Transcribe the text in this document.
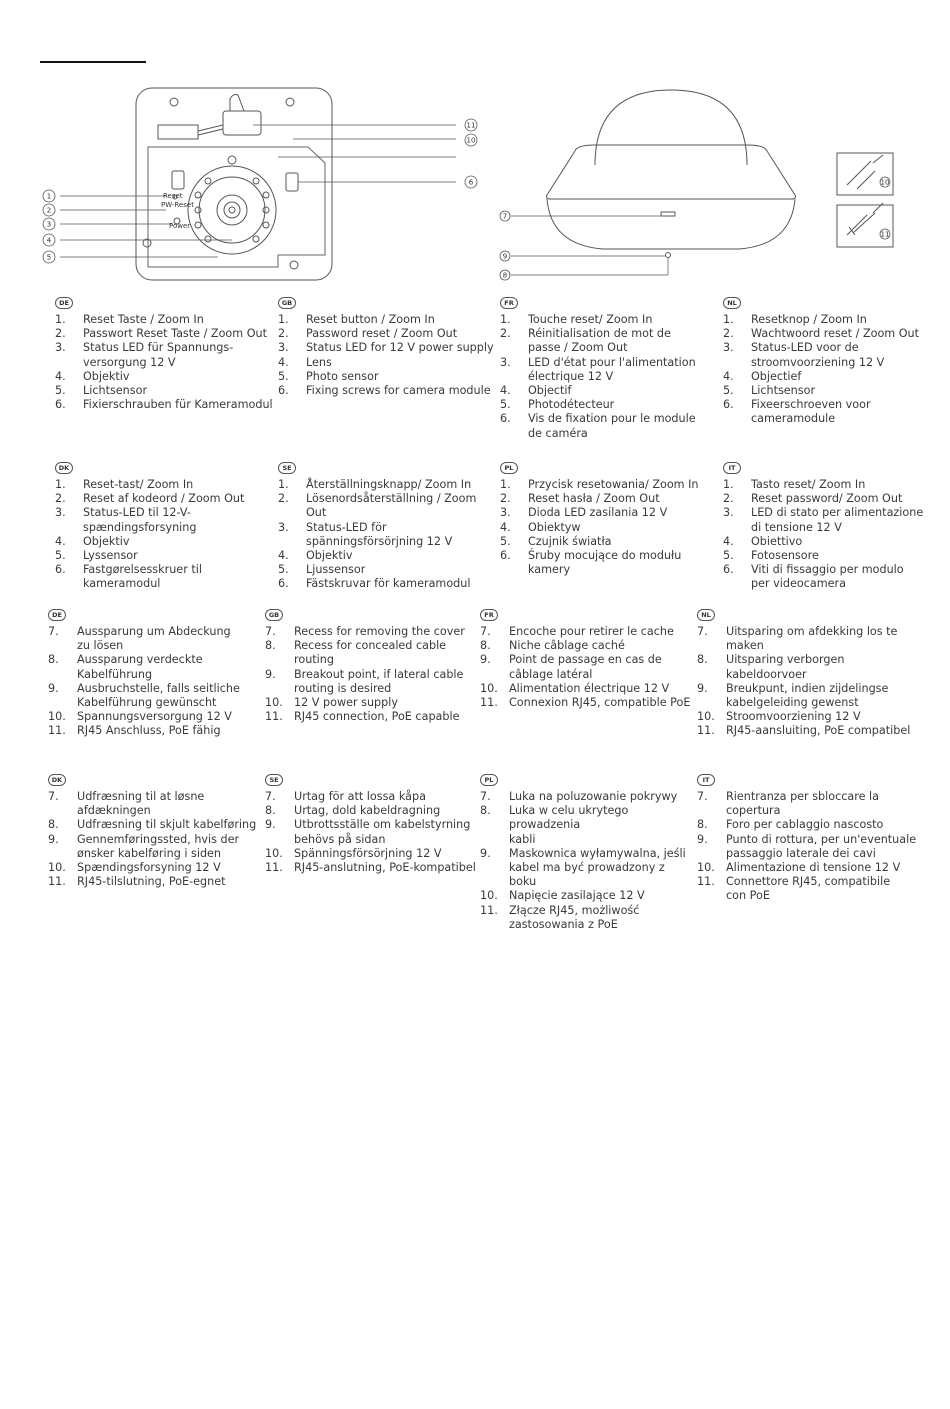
Reset
PW-Reset
Power
1
2
3
4
5
11
10
6
7
9
8
10
11
DE
1.	Reset Taste / Zoom In
2.	Passwort Reset Taste / Zoom Out
3.	Status LED für Spannungs-
versorgung 12 V
4.	Objektiv
5.	Lichtsensor
6.	Fixierschrauben für Kameramodul
GB
1.	Reset button / Zoom In
2.	Password reset / Zoom Out
3.	Status LED for 12 V power supply
4.	Lens
5.	Photo sensor
6.	Fixing screws for camera module
FR
1.	Touche reset/ Zoom In
2.	Réinitialisation de mot de
passe / Zoom Out
3.	LED d'état pour l'alimentation
électrique 12 V
4.	Objectif
5.	Photodétecteur
6.	Vis de fixation pour le module
de caméra
NL
1.	Resetknop / Zoom In
2.	Wachtwoord reset / Zoom Out
3.	Status-LED voor de
stroomvoorziening 12 V
4.	Objectief
5.	Lichtsensor
6.	Fixeerschroeven voor
cameramodule
DK
1.	Reset-tast/ Zoom In
2.	Reset af kodeord / Zoom Out
3.	Status-LED til 12-V-
spændingsforsyning
4.	Objektiv
5.	Lyssensor
6.	Fastgørelsesskruer til kameramodul
SE
1.	Återställningsknapp/ Zoom In
2.	Lösenordsåterställning / Zoom Out
3.	Status-LED för
spänningsförsörjning 12 V
4.	Objektiv
5.	Ljussensor
6.	Fästskruvar för kameramodul
PL
1.	Przycisk resetowania/ Zoom In
2.	Reset hasła / Zoom Out
3.	Dioda LED zasilania 12 V
4.	Obiektyw
5.	Czujnik światła
6.	Śruby mocujące do modułu kamery
IT
1.	Tasto reset/ Zoom In
2.	Reset password/ Zoom Out
3.	LED di stato per alimentazione
di tensione 12 V
4.	Obiettivo
5.	Fotosensore
6.	Viti di fissaggio per modulo
per videocamera
DE
7.	Aussparung um Abdeckung
zu lösen
8.	Aussparung verdeckte
Kabelführung
9.	Ausbruchstelle, falls seitliche
Kabelführung gewünscht
10.	Spannungsversorgung 12 V
11.	RJ45 Anschluss, PoE fähig
GB
7.	Recess for removing the cover
8.	Recess for concealed cable routing
9.	Breakout point, if lateral cable
routing is desired
10.	12 V power supply
11.	RJ45 connection, PoE capable
FR
7.	Encoche pour retirer le cache
8.	Niche câblage caché
9.	Point de passage en cas de
câblage latéral
10.	Alimentation électrique 12 V
11.	Connexion RJ45, compatible PoE
NL
7.	Uitsparing om afdekking los te maken
8.	Uitsparing verborgen kabeldoorvoer
9.	Breukpunt, indien zijdelingse
kabelgeleiding gewenst
10.	Stroomvoorziening 12 V
11.	RJ45-aansluiting, PoE compatibel
DK
7.	Udfræsning til at løsne afdækningen
8.	Udfræsning til skjult kabelføring
9.	Gennemføringssted, hvis der
ønsker kabelføring i siden
10.	Spændingsforsyning 12 V
11.	RJ45-tilslutning, PoE-egnet
SE
7.	Urtag för att lossa kåpa
8.	Urtag, dold kabeldragning
9.	Utbrottsställe om kabelstyrning
behövs på sidan
10.	Spänningsförsörjning 12 V
11.	RJ45-anslutning, PoE-kompatibel
PL
7.	Luka na poluzowanie pokrywy
8.	Luka w celu ukrytego prowadzenia
kabli
9.	Maskownica wyłamywalna, jeśli
kabel ma być prowadzony z boku
10.	Napięcie zasilające 12 V
11.	Złącze RJ45, możliwość
zastosowania z PoE
IT
7.	Rientranza per sbloccare la copertura
8.	Foro per cablaggio nascosto
9.	Punto di rottura, per un'eventuale
passaggio laterale dei cavi
10.	Alimentazione di tensione 12 V
11.	Connettore RJ45, compatibile
con PoE
